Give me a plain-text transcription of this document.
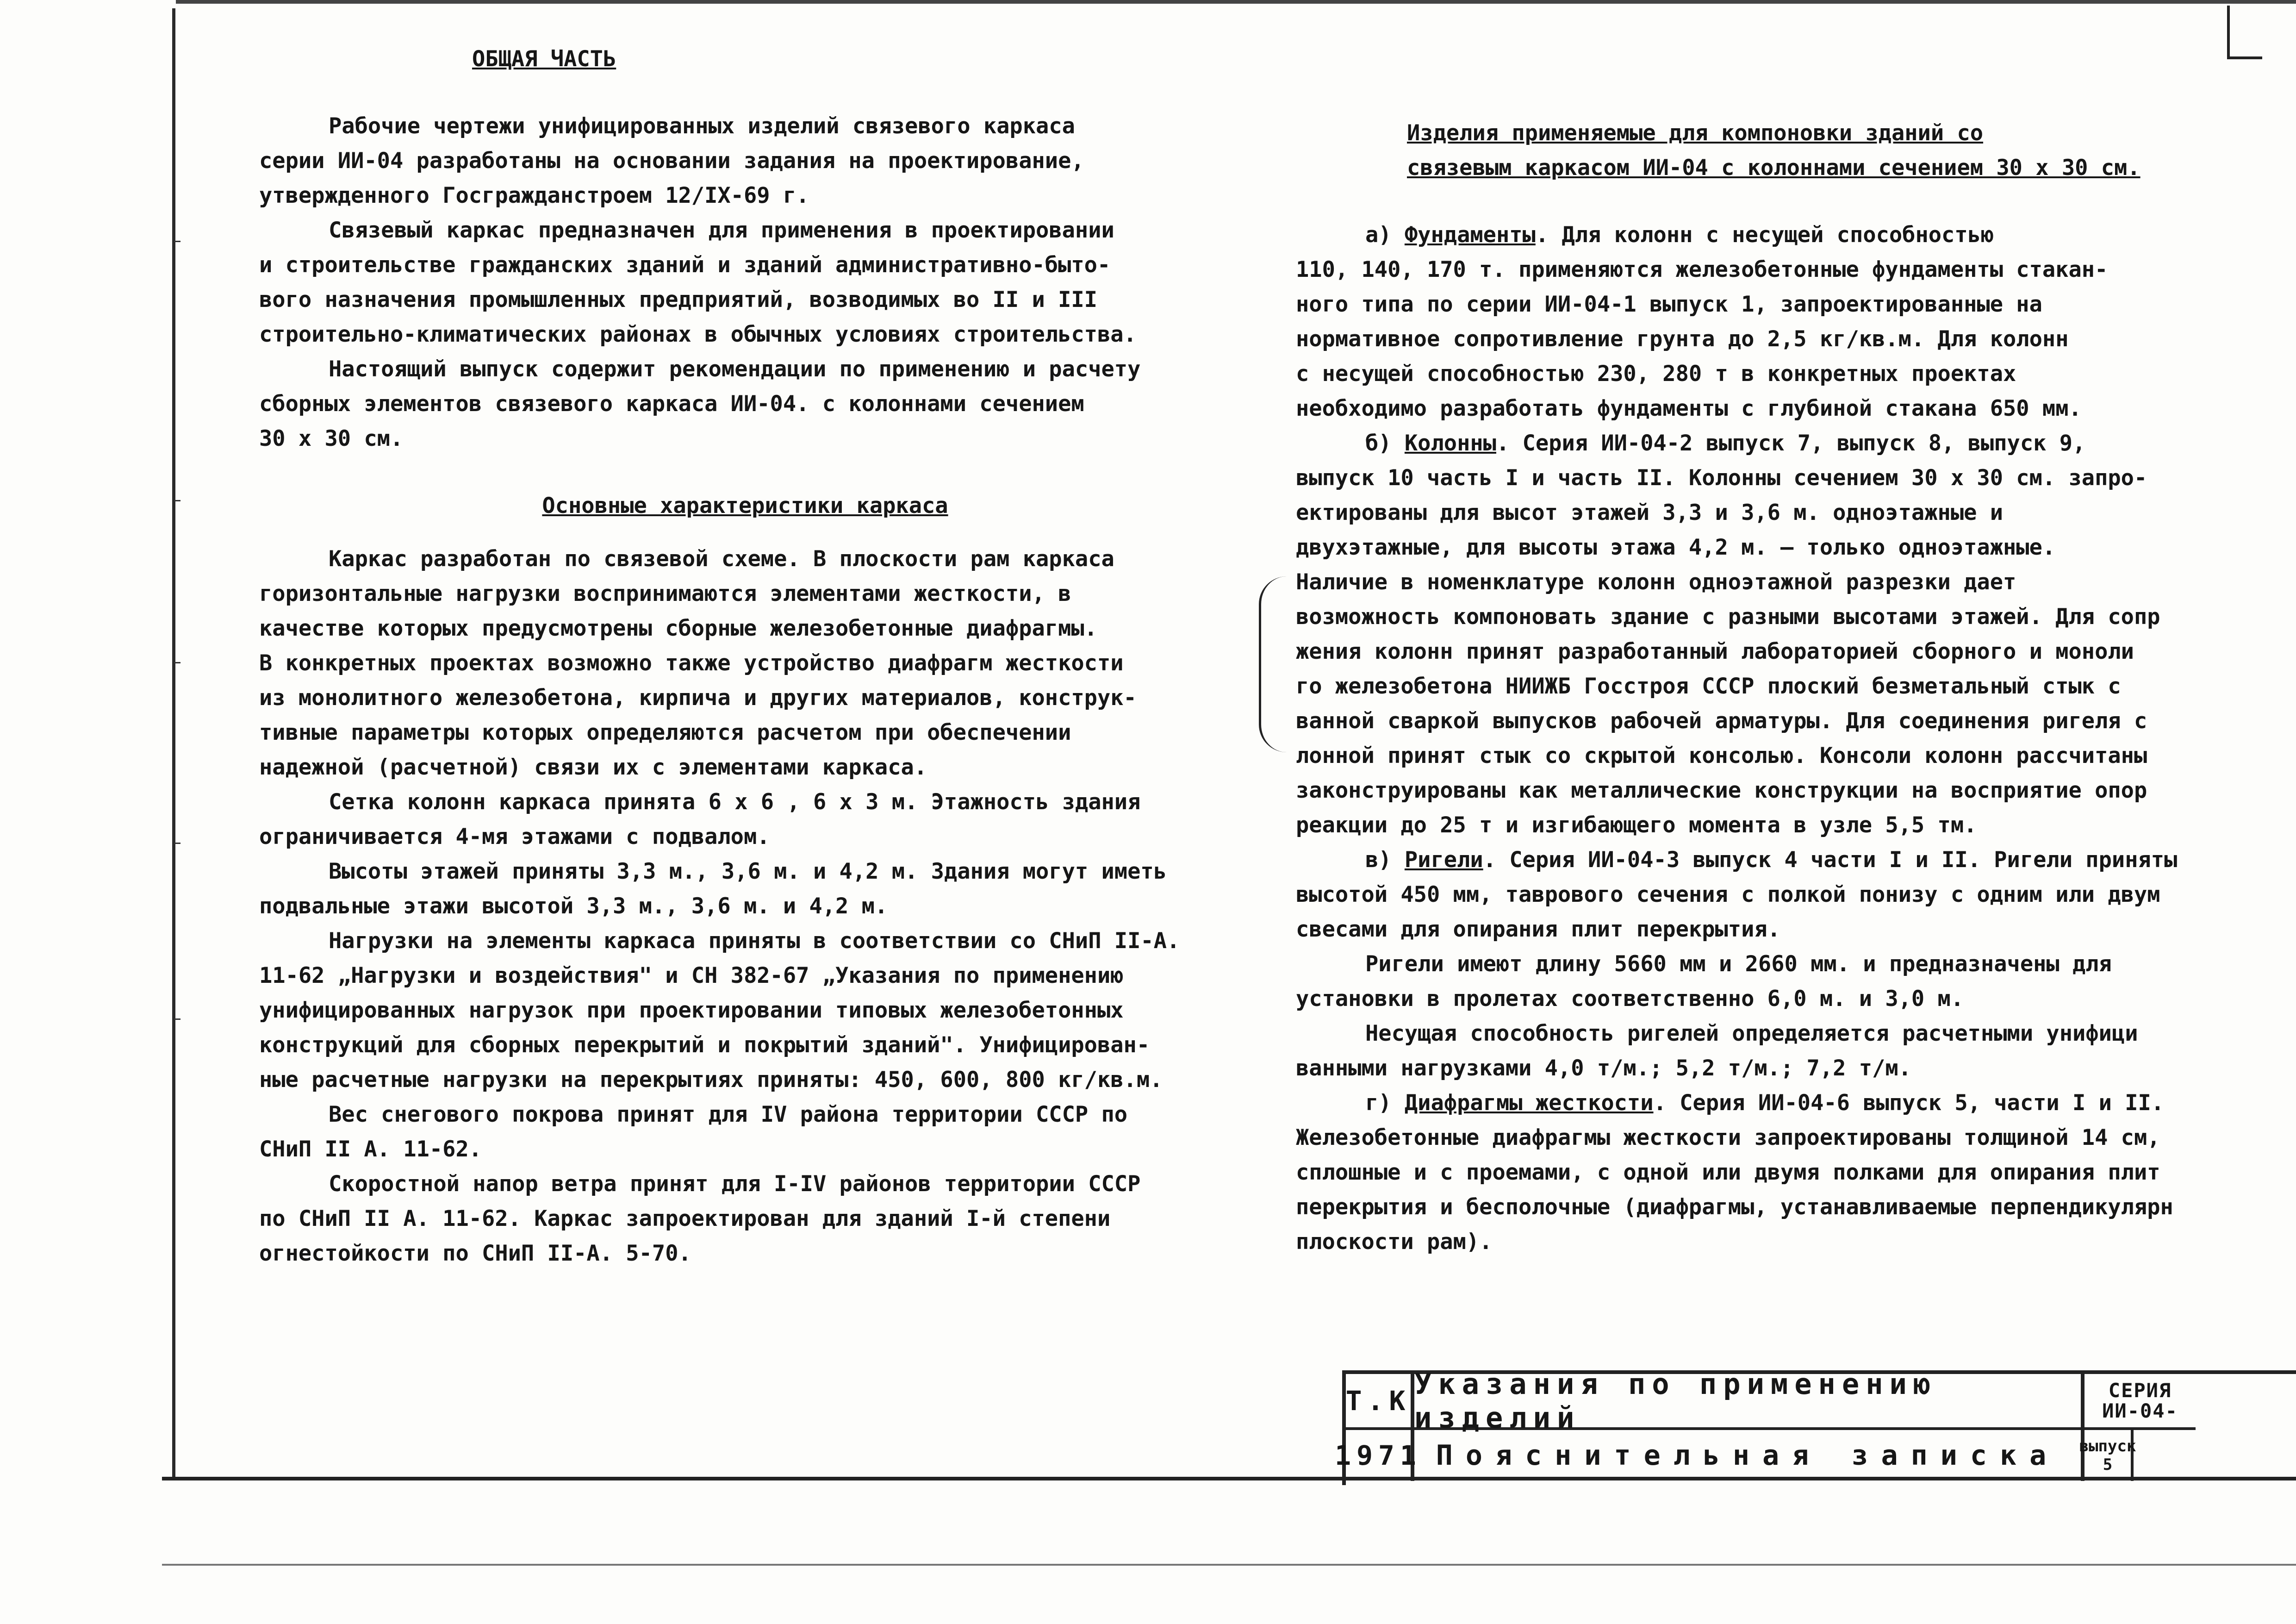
ОБЩАЯ ЧАСТЬ

Рабочие чертежи унифицированных изделий связевого каркаса

серии ИИ-04 разработаны на основании задания на проектирование,

утвержденного Госгражданстроем 12/IX-69 г.

Связевый каркас предназначен для применения в проектировании

и строительстве гражданских зданий и зданий административно-быто-

вого назначения промышленных предприятий, возводимых во II и III

строительно-климатических районах в обычных условиях строительства.

Настоящий выпуск содержит рекомендации по применению и расчету

сборных элементов связевого каркаса ИИ-04. с колоннами сечением

30 х 30 см.

Основные характеристики каркаса

Каркас разработан по связевой схеме. В плоскости рам каркаса

горизонтальные нагрузки воспринимаются элементами жесткости, в

качестве которых предусмотрены сборные железобетонные диафрагмы.

В конкретных проектах возможно также устройство диафрагм жесткости

из монолитного железобетона, кирпича и других материалов, конструк-

тивные параметры которых определяются расчетом при обеспечении

надежной (расчетной) связи их с элементами каркаса.

Сетка колонн каркаса принята 6 х 6 , 6 х 3 м. Этажность здания

ограничивается 4-мя этажами с подвалом.

Высоты этажей приняты 3,3 м., 3,6 м. и 4,2 м. Здания могут иметь

подвальные этажи высотой 3,3 м., 3,6 м. и 4,2 м.

Нагрузки на элементы каркаса приняты в соответствии со СНиП II-А.

11-62 „Нагрузки и воздействия" и СН 382-67 „Указания по применению

унифицированных нагрузок при проектировании типовых железобетонных

конструкций для сборных перекрытий и покрытий зданий". Унифицирован-

ные расчетные нагрузки на перекрытиях приняты: 450, 600, 800 кг/кв.м.

Вес снегового покрова принят для IV района территории СССР по

СНиП II А. 11-62.

Скоростной напор ветра принят для I-IV районов территории СССР

по СНиП II А. 11-62. Каркас запроектирован для зданий I-й степени

огнестойкости по СНиП II-А. 5-70.

Изделия применяемые для компоновки зданий со

связевым каркасом ИИ-04 с колоннами сечением 30 х 30 см.

а) Фундаменты. Для колонн с несущей способностью

110, 140, 170 т. применяются железобетонные фундаменты стакан-

ного типа по серии ИИ-04-1 выпуск 1, запроектированные на

нормативное сопротивление грунта до 2,5 кг/кв.м. Для колонн

с несущей способностью 230, 280 т в конкретных проектах

необходимо разработать фундаменты с глубиной стакана 650 мм.

б) Колонны. Серия ИИ-04-2 выпуск 7, выпуск 8, выпуск 9,

выпуск 10 часть I и часть II. Колонны сечением 30 х 30 см. запро-

ектированы для высот этажей 3,3 и 3,6 м. одноэтажные и

двухэтажные, для высоты этажа 4,2 м. — только одноэтажные.

Наличие в номенклатуре колонн одноэтажной разрезки дает

возможность компоновать здание с разными высотами этажей. Для сопр

жения колонн принят разработанный лабораторией сборного и моноли

го железобетона НИИЖБ Госстроя СССР плоский безметальный стык с

ванной сваркой выпусков рабочей арматуры. Для соединения ригеля с

лонной принят стык со скрытой консолью. Консоли колонн рассчитаны

законструированы как металлические конструкции на восприятие опор

реакции до 25 т и изгибающего момента в узле 5,5 тм.

в) Ригели. Серия ИИ-04-3 выпуск 4 части I и II. Ригели приняты

высотой 450 мм, таврового сечения с полкой понизу с одним или двум

свесами для опирания плит перекрытия.

Ригели имеют длину 5660 мм и 2660 мм. и предназначены для

установки в пролетах соответственно 6,0 м. и 3,0 м.

Несущая способность ригелей определяется расчетными унифици

ванными нагрузками 4,0 т/м.; 5,2 т/м.; 7,2 т/м.

г) Диафрагмы жесткости. Серия ИИ-04-6 выпуск 5, части I и II.

Железобетонные диафрагмы жесткости запроектированы толщиной 14 см,

сплошные и с проемами, с одной или двумя полками для опирания плит

перекрытия и бесполочные (диафрагмы, устанавливаемые перпендикулярн

плоскости рам).

Т.К
1971
Указания по применению изделий
Пояснительная записка
СЕРИЯ
ИИ-04-
выпуск
5
